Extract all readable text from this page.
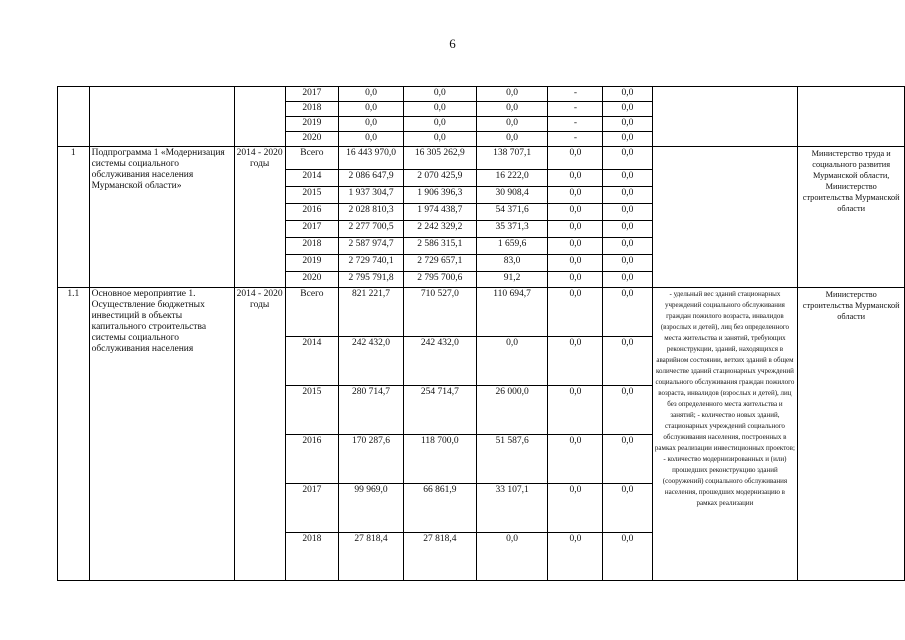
6
			2017	0,0	0,0	0,0	-	0,0		
			2018	0,0	0,0	0,0	-	0,0		
			2019	0,0	0,0	0,0	-	0,0		
			2020	0,0	0,0	0,0	-	0,0		
1	Подпрограмма 1 «Модернизация системы социального обслуживания населения Мурманской области»	2014 - 2020 годы	Всего	16 443 970,0	16 305 262,9	138 707,1	0,0	0,0		Министерство труда и социального развития Мурманской области, Министерство строительства Мурманской области
			2014	2 086 647,9	2 070 425,9	16 222,0	0,0	0,0		
			2015	1 937 304,7	1 906 396,3	30 908,4	0,0	0,0		
			2016	2 028 810,3	1 974 438,7	54 371,6	0,0	0,0		
			2017	2 277 700,5	2 242 329,2	35 371,3	0,0	0,0		
			2018	2 587 974,7	2 586 315,1	1 659,6	0,0	0,0		
			2019	2 729 740,1	2 729 657,1	83,0	0,0	0,0		
			2020	2 795 791,8	2 795 700,6	91,2	0,0	0,0		
1.1	Основное мероприятие 1. Осуществление бюджетных инвестиций в объекты капитального строительства системы социального обслуживания населения	2014 - 2020 годы	Всего	821 221,7	710 527,0	110 694,7	0,0	0,0	- удельный вес зданий стационарных учреждений социального обслуживания граждан пожилого возраста, инвалидов (взрослых и детей), лиц без определенного места жительства и занятий, требующих реконструкции, зданий, находящихся в аварийном состоянии, ветхих зданий в общем количестве зданий стационарных учреждений социального обслуживания граждан пожилого возраста, инвалидов (взрослых и детей), лиц без определенного места жительства и занятий; - количество новых зданий, стационарных учреждений социального обслуживания населения, построенных в рамках реализации инвестиционных проектов; - количество модернизированных и (или) прошедших реконструкцию зданий (сооружений) социального обслуживания населения, прошедших модернизацию в рамках реализации	Министерство строительства Мурманской области
			2014	242 432,0	242 432,0	0,0	0,0	0,0		
			2015	280 714,7	254 714,7	26 000,0	0,0	0,0		
			2016	170 287,6	118 700,0	51 587,6	0,0	0,0		
			2017	99 969,0	66 861,9	33 107,1	0,0	0,0		
			2018	27 818,4	27 818,4	0,0	0,0	0,0		
